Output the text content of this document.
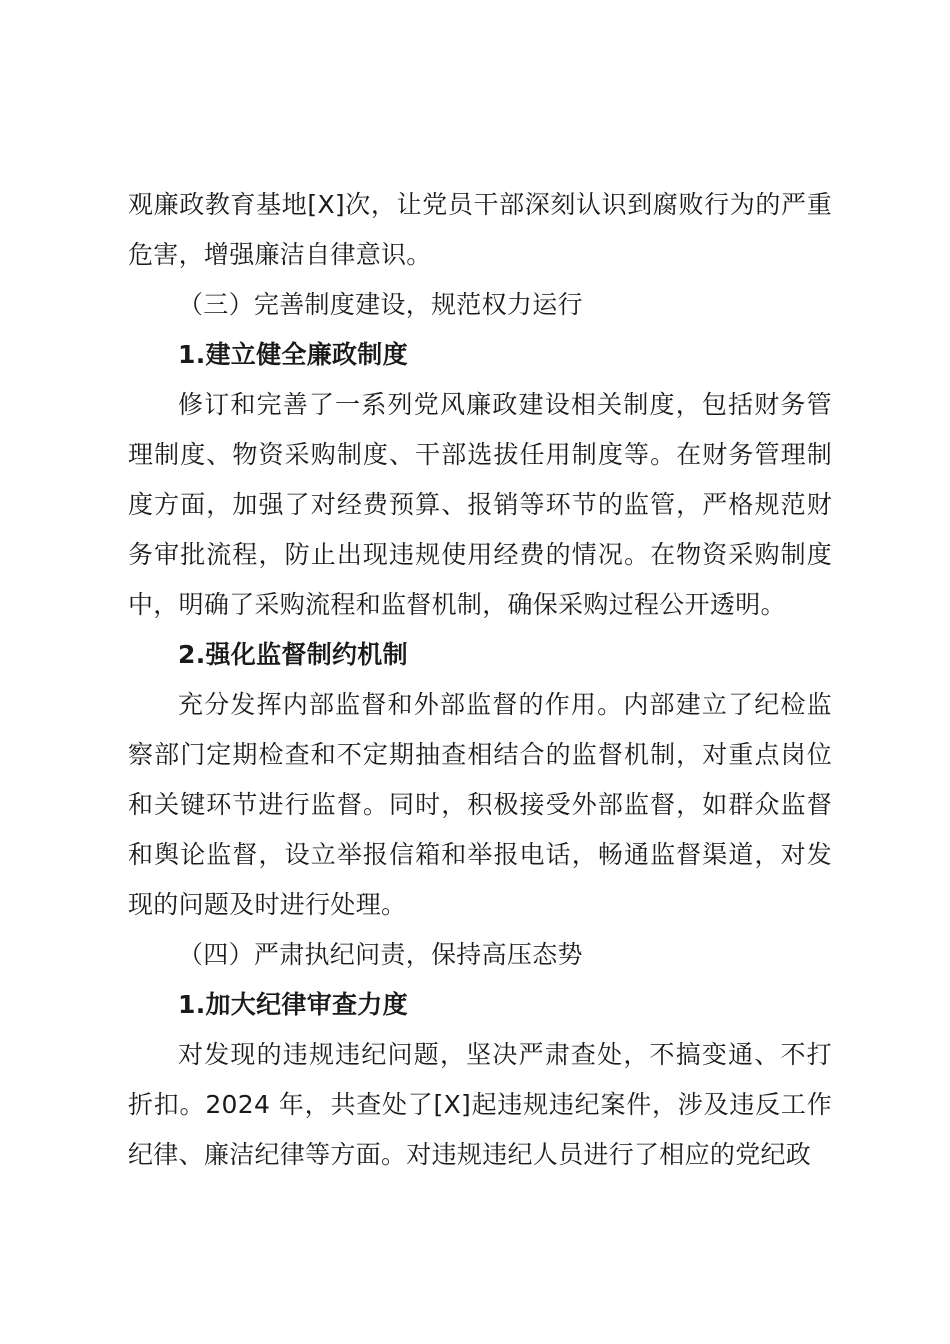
观廉政教育基地[X]次，让党员干部深刻认识到腐败行为的严重危害，增强廉洁自律意识。

（三）完善制度建设，规范权力运行

1.建立健全廉政制度

修订和完善了一系列党风廉政建设相关制度，包括财务管理制度、物资采购制度、干部选拔任用制度等。在财务管理制度方面，加强了对经费预算、报销等环节的监管，严格规范财务审批流程，防止出现违规使用经费的情况。在物资采购制度中，明确了采购流程和监督机制，确保采购过程公开透明。

2.强化监督制约机制

充分发挥内部监督和外部监督的作用。内部建立了纪检监察部门定期检查和不定期抽查相结合的监督机制，对重点岗位和关键环节进行监督。同时，积极接受外部监督，如群众监督和舆论监督，设立举报信箱和举报电话，畅通监督渠道，对发现的问题及时进行处理。

（四）严肃执纪问责，保持高压态势

1.加大纪律审查力度

对发现的违规违纪问题，坚决严肃查处，不搞变通、不打折扣。2024 年，共查处了[X]起违规违纪案件，涉及违反工作纪律、廉洁纪律等方面。对违规违纪人员进行了相应的党纪政
